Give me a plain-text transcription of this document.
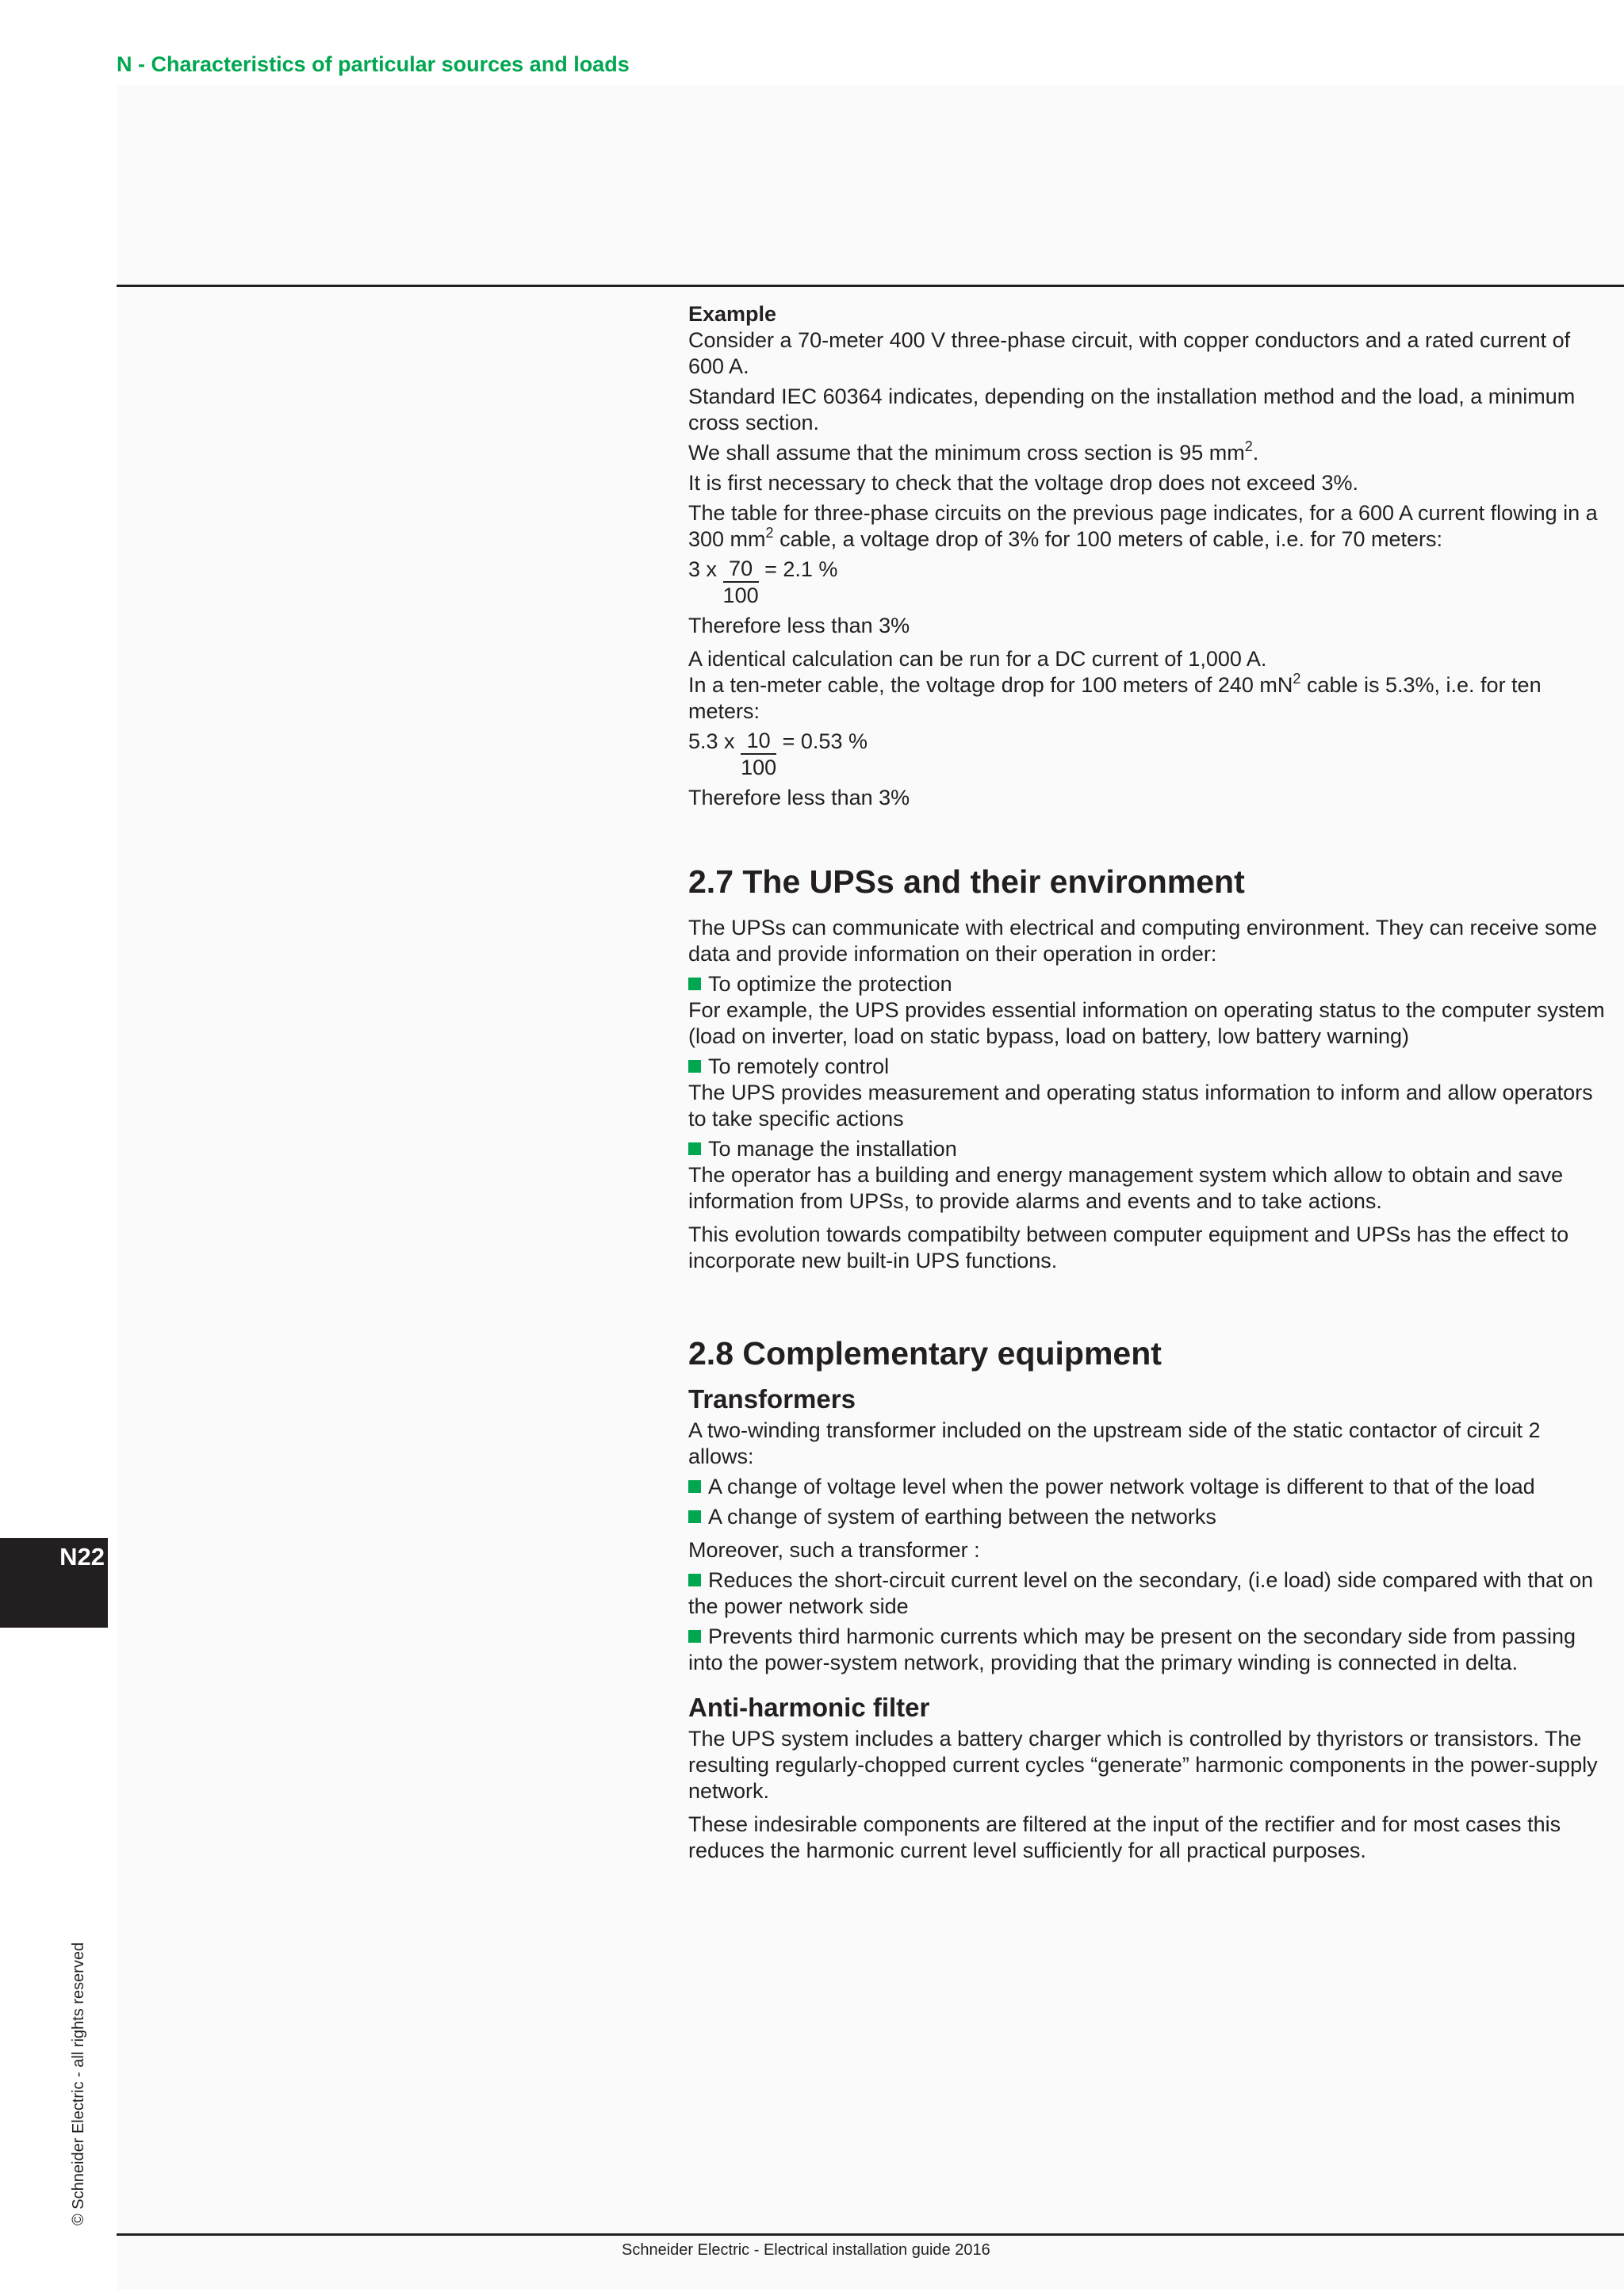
N - Characteristics of particular sources and loads
N22
© Schneider Electric - all rights reserved

Example

Consider a 70-meter 400 V three-phase circuit, with copper conductors and a rated current of 600 A.

Standard IEC 60364 indicates, depending on the installation method and the load, a minimum cross section.

We shall assume that the minimum cross section is 95 $mm^2$.

It is first necessary to check that the voltage drop does not exceed 3%.

The table for three-phase circuits on the previous page indicates, for a 600 A current flowing in a 300 $mm^2$ cable, a voltage drop of 3% for 100 meters of cable, i.e. for 70 meters:

3 x $\frac{70}{100} = 2.1$ %

Therefore less than 3%

A identical calculation can be run for a DC current of 1,000 A.

In a ten-meter cable, the voltage drop for 100 meters of 240 $mN^2$ cable is 5.3%, i.e. for ten meters:

5.3 x $\frac{10}{100} = 0.53$ %

Therefore less than 3%

2.7 The UPSs and their environment

The UPSs can communicate with electrical and computing environment. They can receive some data and provide information on their operation in order:

To optimize the protection

For example, the UPS provides essential information on operating status to the computer system (load on inverter, load on static bypass, load on battery, low battery warning)

To remotely control

The UPS provides measurement and operating status information to inform and allow operators to take specific actions

To manage the installation

The operator has a building and energy management system which allow to obtain and save information from UPSs, to provide alarms and events and to take actions.

This evolution towards compatibilty between computer equipment and UPSs has the effect to incorporate new built-in UPS functions.

2.8 Complementary equipment
Transformers

A two-winding transformer included on the upstream side of the static contactor of circuit 2 allows:

A change of voltage level when the power network voltage is different to that of the load

A change of system of earthing between the networks

Moreover, such a transformer :

Reduces the short-circuit current level on the secondary, (i.e load) side compared with that on the power network side

Prevents third harmonic currents which may be present on the secondary side from passing into the power-system network, providing that the primary winding is connected in delta.

Anti-harmonic filter

The UPS system includes a battery charger which is controlled by thyristors or transistors. The resulting regularly-chopped current cycles “generate” harmonic components in the power-supply network.

These indesirable components are filtered at the input of the rectifier and for most cases this reduces the harmonic current level sufficiently for all practical purposes.

Schneider Electric - Electrical installation guide 2016
